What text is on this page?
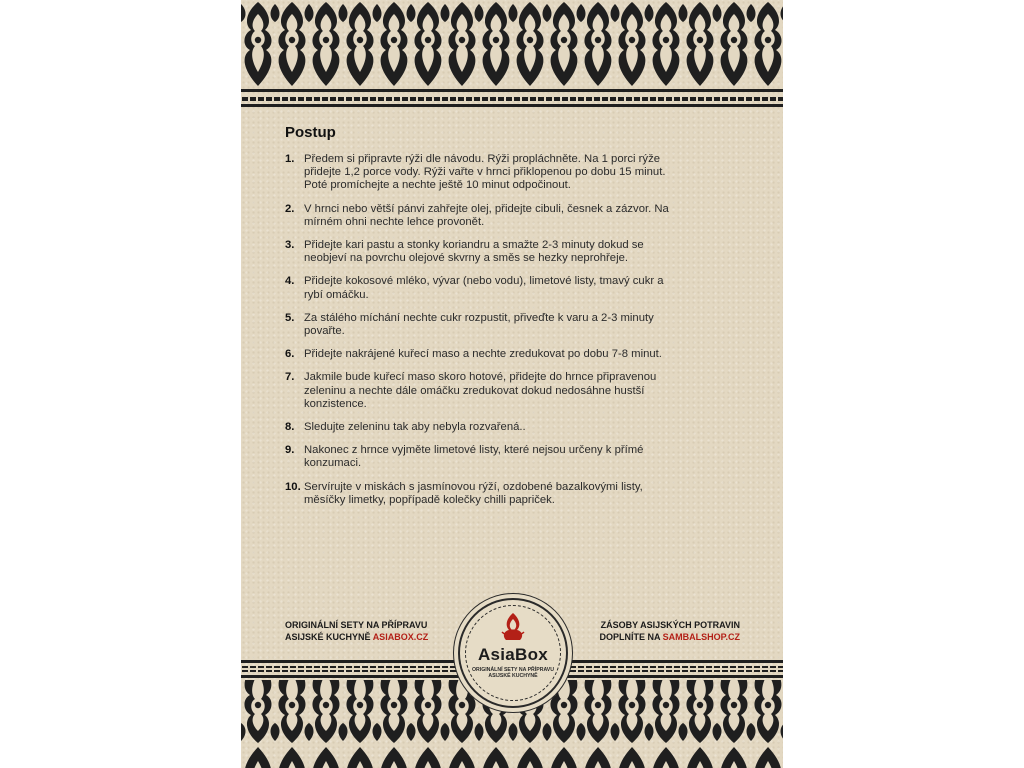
Postup
1. Předem si připravte rýži dle návodu. Rýži propláchněte. Na 1 porci rýže
přidejte 1,2 porce vody. Rýži vařte v hrnci přiklopenou po dobu 15 minut.
Poté promíchejte a nechte ještě 10 minut odpočinout.
2. V hrnci nebo větší pánvi zahřejte olej, přidejte cibuli, česnek a zázvor. Na
mírném ohni nechte lehce provonět.
3. Přidejte kari pastu a stonky koriandru a smažte 2-3 minuty dokud se
neobjeví na povrchu olejové skvrny a směs se hezky neprohřeje.
4. Přidejte kokosové mléko, vývar (nebo vodu), limetové listy, tmavý cukr a
rybí omáčku.
5. Za stálého míchání nechte cukr rozpustit, přiveďte k varu a 2-3 minuty
povařte.
6. Přidejte nakrájené kuřecí maso a nechte zredukovat po dobu 7-8 minut.
7. Jakmile bude kuřecí maso skoro hotové, přidejte do hrnce připravenou
zeleninu a nechte dále omáčku zredukovat dokud nedosáhne hustší
konzistence.
8. Sledujte zeleninu tak aby nebyla rozvařená..
9. Nakonec z hrnce vyjměte limetové listy, které nejsou určeny k přímé
konzumaci.
10. Servírujte v miskách s jasmínovou rýží, ozdobené bazalkovými listy,
měsíčky limetky, popřípadě kolečky chilli papriček.
ORIGINÁLNÍ SETY NA PŘÍPRAVU
ASIJSKÉ KUCHYNĚ ASIABOX.CZ
ZÁSOBY ASIJSKÝCH POTRAVIN
DOPLNÍTE NA SAMBALSHOP.CZ
AsiaBox
ORIGINÁLNÍ SETY NA PŘÍPRAVU
ASIJSKÉ KUCHYNĚ
